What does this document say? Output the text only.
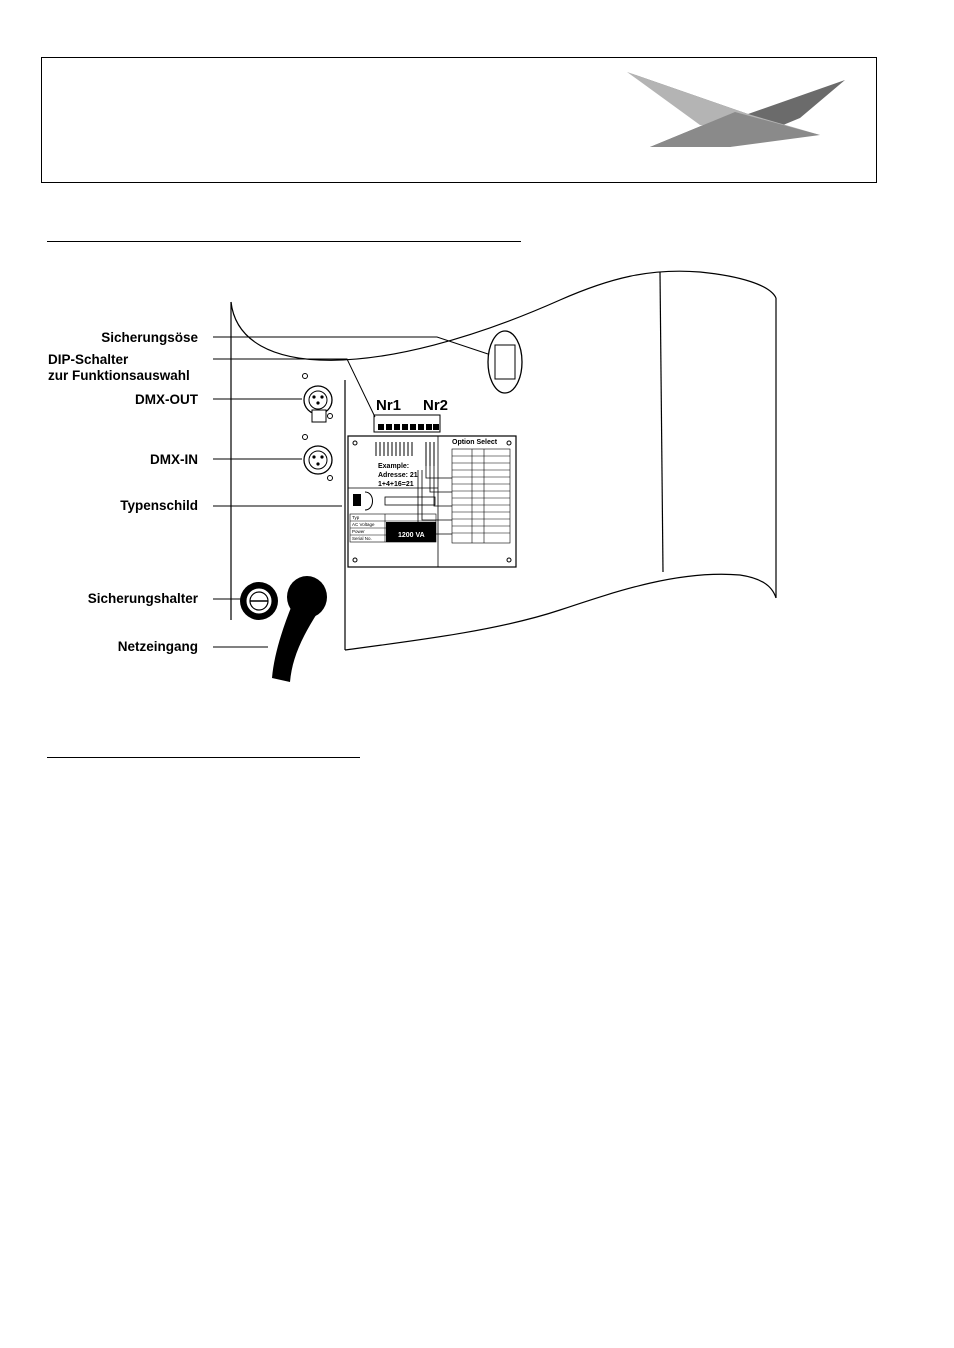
Nr1 Nr2
Option Select
Example:
Adresse: 21
1+4+16=21
Typ
AC Voltage
Power
Serial No.	1200 VA
Sicherungsöse
DIP-Schalter
zur Funktionsauswahl
DMX-OUT
DMX-IN
Typenschild
Sicherungshalter
Netzeingang
